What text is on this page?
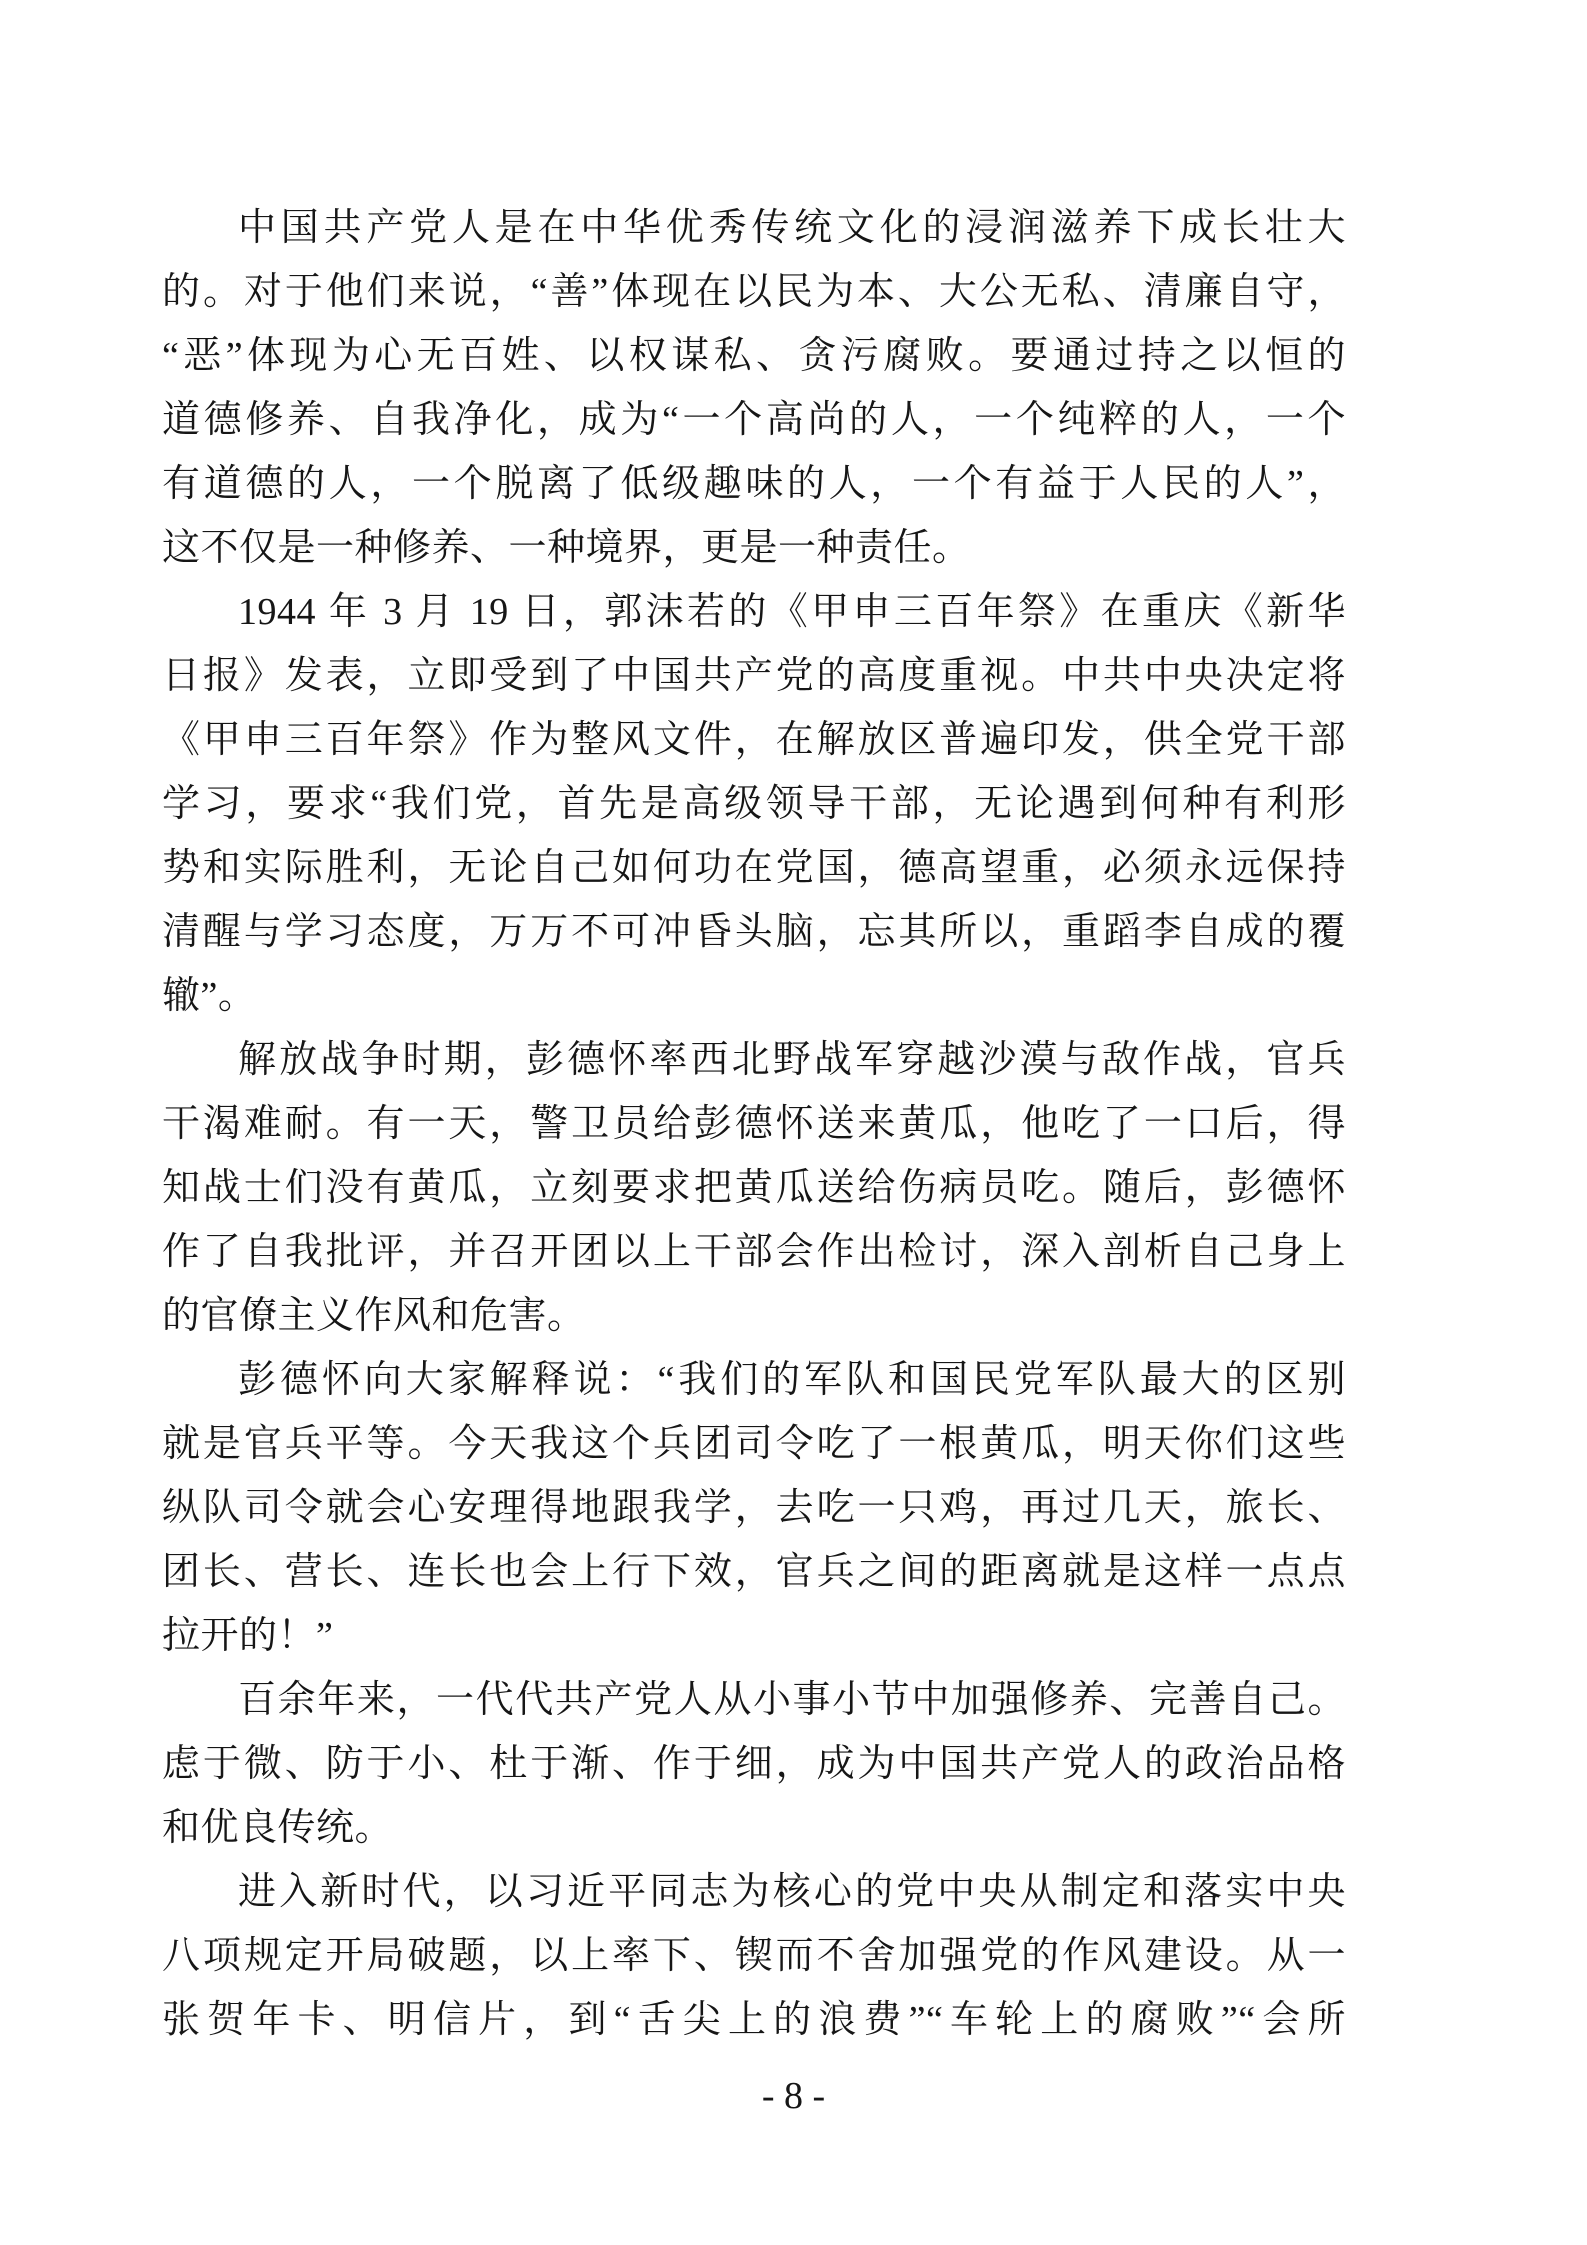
中国共产党人是在中华优秀传统文化的浸润滋养下成长壮大
的。对于他们来说，“善”体现在以民为本、大公无私、清廉自守，
“恶”体现为心无百姓、以权谋私、贪污腐败。要通过持之以恒的
道德修养、自我净化，成为“一个高尚的人，一个纯粹的人，一个
有道德的人，一个脱离了低级趣味的人，一个有益于人民的人”，
这不仅是一种修养、一种境界，更是一种责任。
1944 年 3 月 19 日，郭沫若的《甲申三百年祭》在重庆《新华
日报》发表，立即受到了中国共产党的高度重视。中共中央决定将
《甲申三百年祭》作为整风文件，在解放区普遍印发，供全党干部
学习，要求“我们党，首先是高级领导干部，无论遇到何种有利形
势和实际胜利，无论自己如何功在党国，德高望重，必须永远保持
清醒与学习态度，万万不可冲昏头脑，忘其所以，重蹈李自成的覆
辙”。
解放战争时期，彭德怀率西北野战军穿越沙漠与敌作战，官兵
干渴难耐。有一天，警卫员给彭德怀送来黄瓜，他吃了一口后，得
知战士们没有黄瓜，立刻要求把黄瓜送给伤病员吃。随后，彭德怀
作了自我批评，并召开团以上干部会作出检讨，深入剖析自己身上
的官僚主义作风和危害。
彭德怀向大家解释说：“我们的军队和国民党军队最大的区别
就是官兵平等。今天我这个兵团司令吃了一根黄瓜，明天你们这些
纵队司令就会心安理得地跟我学，去吃一只鸡，再过几天，旅长、
团长、营长、连长也会上行下效，官兵之间的距离就是这样一点点
拉开的！”
百余年来，一代代共产党人从小事小节中加强修养、完善自己。
虑于微、防于小、杜于渐、作于细，成为中国共产党人的政治品格
和优良传统。
进入新时代，以习近平同志为核心的党中央从制定和落实中央
八项规定开局破题，以上率下、锲而不舍加强党的作风建设。从一
张贺年卡、明信片，到“舌尖上的浪费”“车轮上的腐败”“会所
- 8 -
